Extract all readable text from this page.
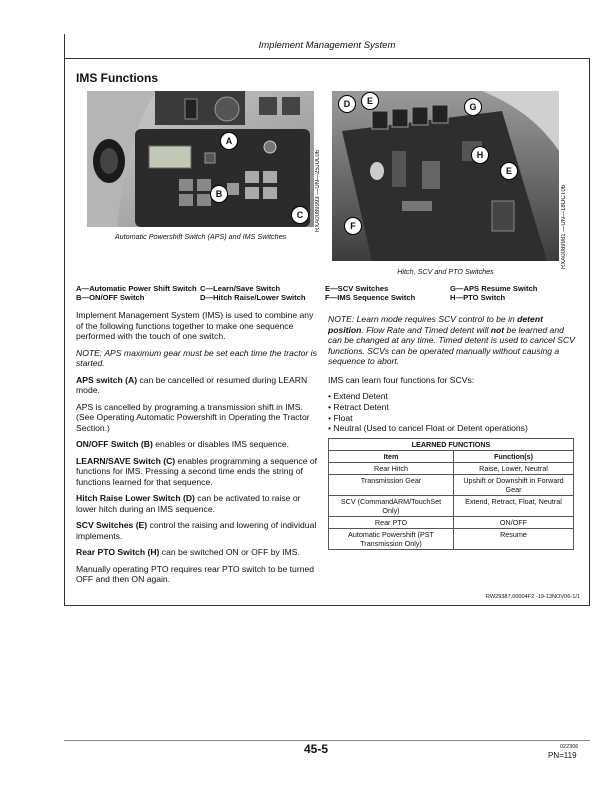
Implement Management System
IMS Functions
A
B
C	RXA0089993 —UN—25JUL06
Automatic Powershift Switch (APS) and IMS Switches
D	E
G
H
E
F	RXA0089981 —UN—18OCT06
Hitch, SCV and PTO Switches
A—Automatic Power Shift Switch C—Learn/Save Switch	E—SCV Switches	G—APS Resume Switch
B—ON/OFF Switch	D—Hitch Raise/Lower Switch	F—IMS Sequence Switch	H—PTO Switch

Implement Management System (IMS) is used to combine any of the following functions together to make one sequence performed with the touch of one switch.

NOTE: APS maximum gear must be set each time the tractor is started.

APS switch (A) can be cancelled or resumed during LEARN mode.

APS is cancelled by programing a transmission shift in IMS. (See Operating Automatic Powershift in Operating the Tractor Section.)

ON/OFF Switch (B) enables or disables IMS sequence.

LEARN/SAVE Switch (C) enables programming a sequence of functions for IMS. Pressing a second time ends the string of functions learned for that sequence.

Hitch Raise Lower Switch (D) can be activated to raise or lower hitch during an IMS sequence.

SCV Switches (E) control the raising and lowering of individual implements.

Rear PTO Switch (H) can be switched ON or OFF by IMS.

Manually operating PTO requires rear PTO switch to be turned OFF and then ON again.

NOTE: Learn mode requires SCV control to be in detent position. Flow Rate and Timed detent will not be learned and can be changed at any time. Timed detent is used to cancel SCV functions. SCVs can be operated manually without causing a sequence to abort.

IMS can learn four functions for SCVs:

• Extend Detent
• Retract Detent
• Float
• Neutral (Used to cancel Float or Detent operations)
LEARNED FUNCTIONS	
Item	Function(s)
Rear Hitch	Raise, Lower, Neutral
Transmission Gear	Upshift or Downshift in Forward Gear
SCV (CommandARM/TouchSet Only)	Extend, Retract, Float, Neutral
Rear PTO	ON/OFF
Automatic Powershift (PST Transmission Only)	Resume
RW29387,00004F2 -19-13NOV06-1/1
45-5	022306
PN=119
